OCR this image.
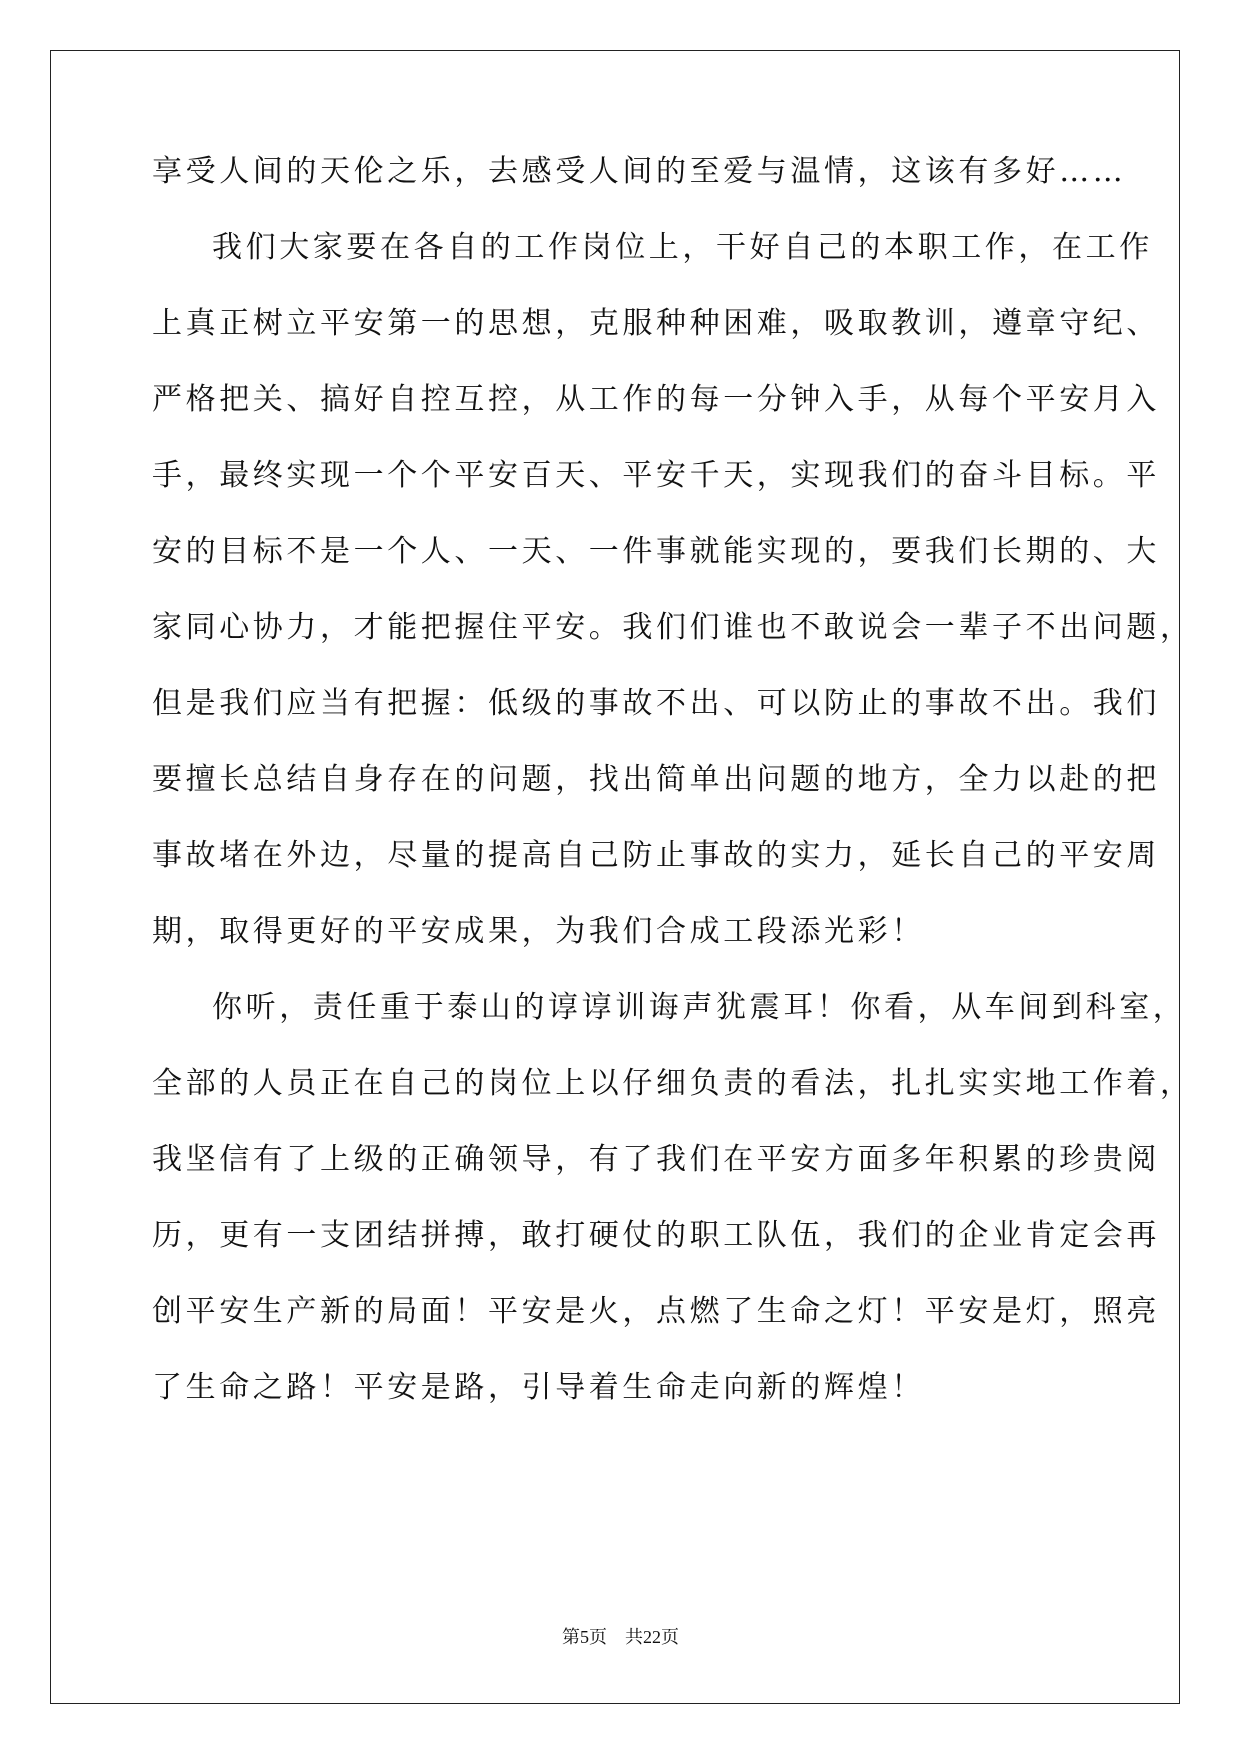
享受人间的天伦之乐，去感受人间的至爱与温情，这该有多好……
我们大家要在各自的工作岗位上，干好自己的本职工作，在工作
上真正树立平安第一的思想，克服种种困难，吸取教训，遵章守纪、
严格把关、搞好自控互控，从工作的每一分钟入手，从每个平安月入
手，最终实现一个个平安百天、平安千天，实现我们的奋斗目标。平
安的目标不是一个人、一天、一件事就能实现的，要我们长期的、大
家同心协力，才能把握住平安。我们们谁也不敢说会一辈子不出问题，
但是我们应当有把握：低级的事故不出、可以防止的事故不出。我们
要擅长总结自身存在的问题，找出简单出问题的地方，全力以赴的把
事故堵在外边，尽量的提高自己防止事故的实力，延长自己的平安周
期，取得更好的平安成果，为我们合成工段添光彩！
你听，责任重于泰山的谆谆训诲声犹震耳！你看，从车间到科室，
全部的人员正在自己的岗位上以仔细负责的看法，扎扎实实地工作着，
我坚信有了上级的正确领导，有了我们在平安方面多年积累的珍贵阅
历，更有一支团结拼搏，敢打硬仗的职工队伍，我们的企业肯定会再
创平安生产新的局面！平安是火，点燃了生命之灯！平安是灯，照亮
了生命之路！平安是路，引导着生命走向新的辉煌！
第5页 共22页
